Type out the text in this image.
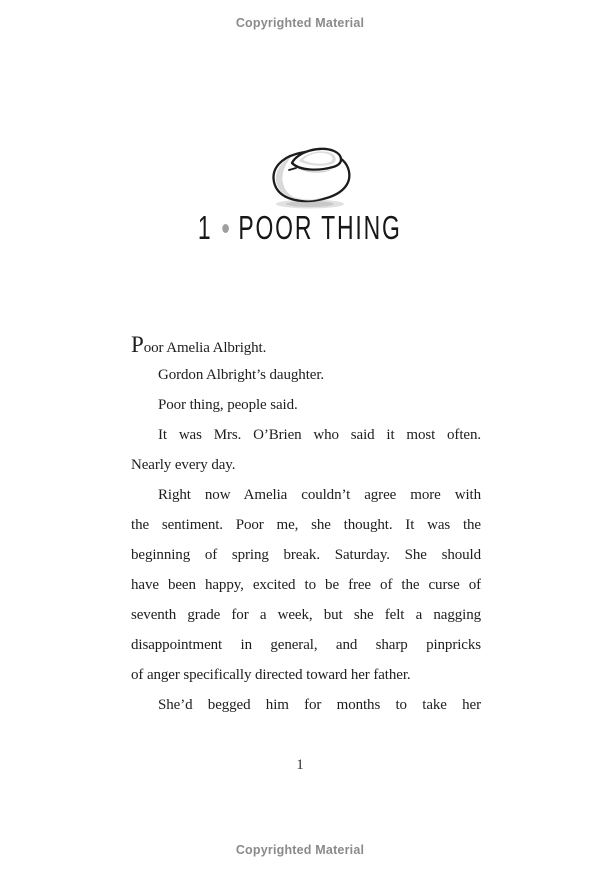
Copyrighted Material
1 POOR THING
Poor Amelia Albright.
Gordon Albright’s daughter.
Poor thing, people said.
It was Mrs. O’Brien who said it most often.
Nearly every day.
Right now Amelia couldn’t agree more with
the sentiment. Poor me, she thought. It was the
beginning of spring break. Saturday. She should
have been happy, excited to be free of the curse of
seventh grade for a week, but she felt a nagging
disappointment in general, and sharp pinpricks
of anger specifically directed toward her father.
She’d begged him for months to take her
1
Copyrighted Material
